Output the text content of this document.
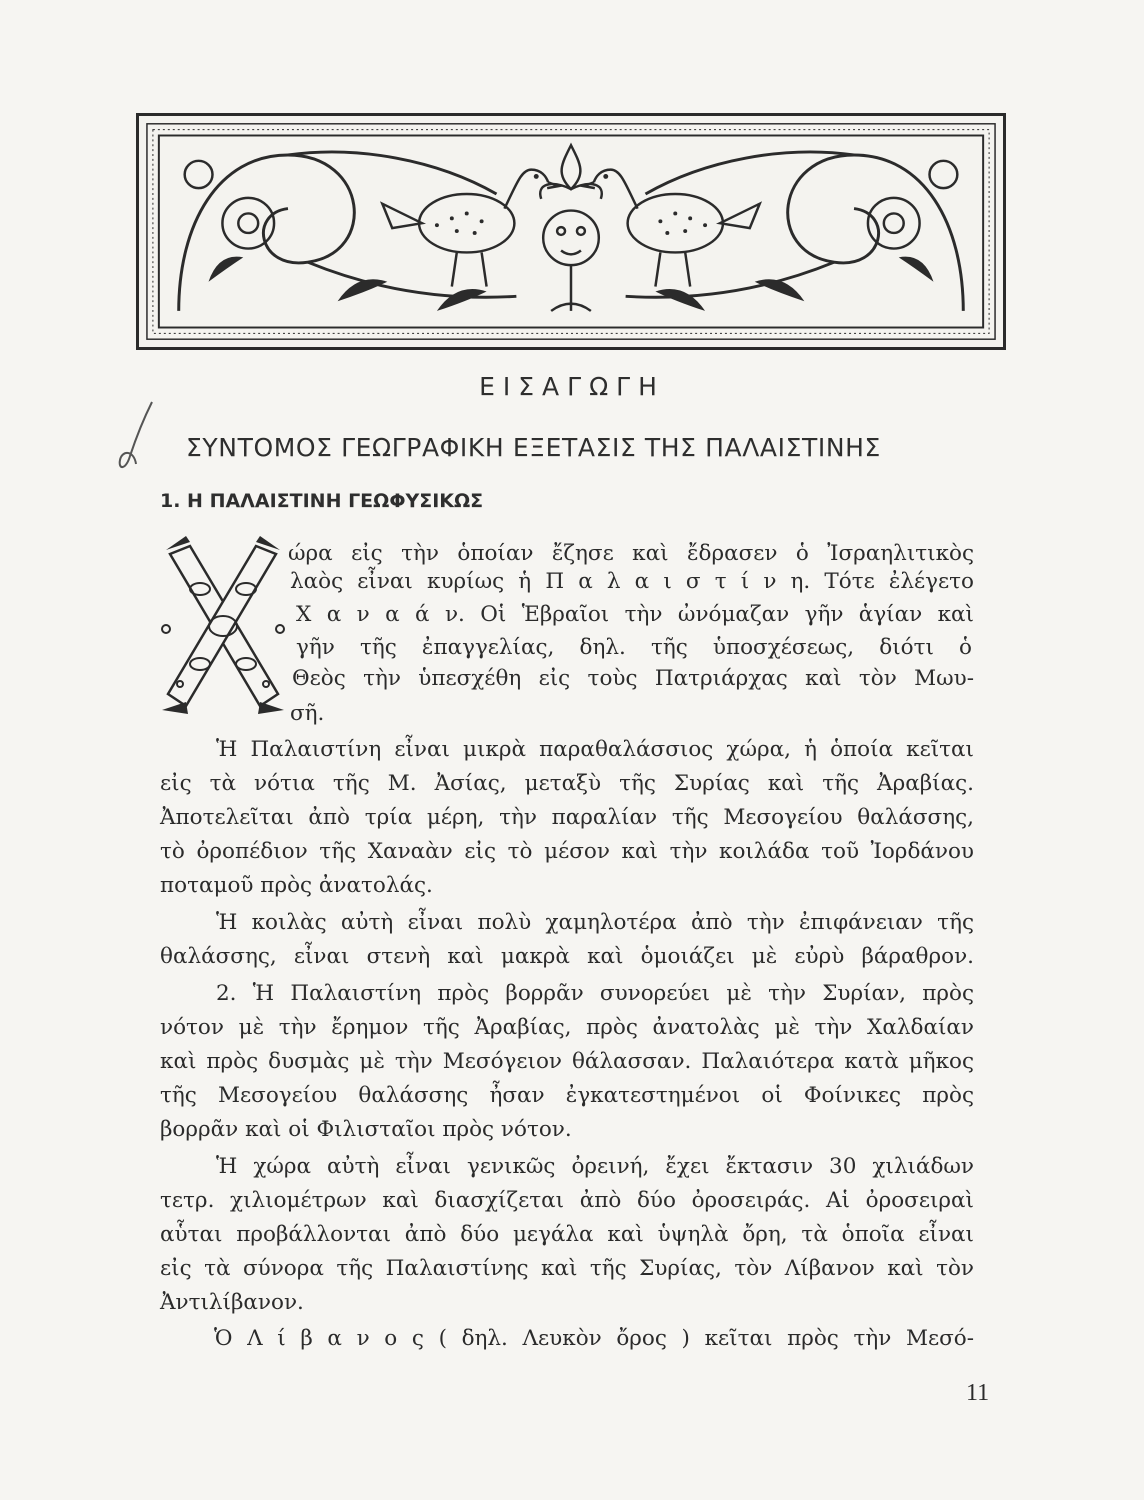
ΕΙΣΑΓΩΓΗ
ΣΥΝΤΟΜΟΣ ΓΕΩΓΡΑΦΙΚΗ ΕΞΕΤΑΣΙΣ ΤΗΣ ΠΑΛΑΙΣΤΙΝΗΣ
1. Η ΠΑΛΑΙΣΤΙΝΗ ΓΕΩΦΥΣΙΚΩΣ
ώρα εἰς τὴν ὁποίαν ἔζησε καὶ ἔδρασεν ὁ Ἰσραηλιτικὸς
λαὸς εἶναι κυρίως ἡ Π α λ α ι σ τ ί ν η. Τότε ἐλέγετο
Χ α ν α ά ν. Οἱ Ἑβραῖοι τὴν ὠνόμαζαν γῆν ἁγίαν καὶ
γῆν τῆς ἐπαγγελίας, δηλ. τῆς ὑποσχέσεως, διότι ὁ
Θεὸς τὴν ὑπεσχέθη εἰς τοὺς Πατριάρχας καὶ τὸν Μωυ-
σῆ.
Ἡ Παλαιστίνη εἶναι μικρὰ παραθαλάσσιος χώρα, ἡ ὁποία κεῖται
εἰς τὰ νότια τῆς Μ. Ἀσίας, μεταξὺ τῆς Συρίας καὶ τῆς Ἀραβίας.
Ἀποτελεῖται ἀπὸ τρία μέρη, τὴν παραλίαν τῆς Μεσογείου θαλάσσης,
τὸ ὀροπέδιον τῆς Χαναὰν εἰς τὸ μέσον καὶ τὴν κοιλάδα τοῦ Ἰορδάνου
ποταμοῦ πρὸς ἀνατολάς.
Ἡ κοιλὰς αὐτὴ εἶναι πολὺ χαμηλοτέρα ἀπὸ τὴν ἐπιφάνειαν τῆς
θαλάσσης, εἶναι στενὴ καὶ μακρὰ καὶ ὁμοιάζει μὲ εὐρὺ βάραθρον.
2. Ἡ Παλαιστίνη πρὸς βορρᾶν συνορεύει μὲ τὴν Συρίαν, πρὸς
νότον μὲ τὴν ἔρημον τῆς Ἀραβίας, πρὸς ἀνατολὰς μὲ τὴν Χαλδαίαν
καὶ πρὸς δυσμὰς μὲ τὴν Μεσόγειον θάλασσαν. Παλαιότερα κατὰ μῆκος
τῆς Μεσογείου θαλάσσης ἦσαν ἐγκατεστημένοι οἱ Φοίνικες πρὸς
βορρᾶν καὶ οἱ Φιλισταῖοι πρὸς νότον.
Ἡ χώρα αὐτὴ εἶναι γενικῶς ὀρεινή, ἔχει ἔκτασιν 30 χιλιάδων
τετρ. χιλιομέτρων καὶ διασχίζεται ἀπὸ δύο ὀροσειράς. Αἱ ὀροσειραὶ
αὗται προβάλλονται ἀπὸ δύο μεγάλα καὶ ὑψηλὰ ὄρη, τὰ ὁποῖα εἶναι
εἰς τὰ σύνορα τῆς Παλαιστίνης καὶ τῆς Συρίας, τὸν Λίβανον καὶ τὸν
Ἀντιλίβανον.
Ὁ Λ ί β α ν ο ς ( δηλ. Λευκὸν ὄρος ) κεῖται πρὸς τὴν Μεσό-
11
